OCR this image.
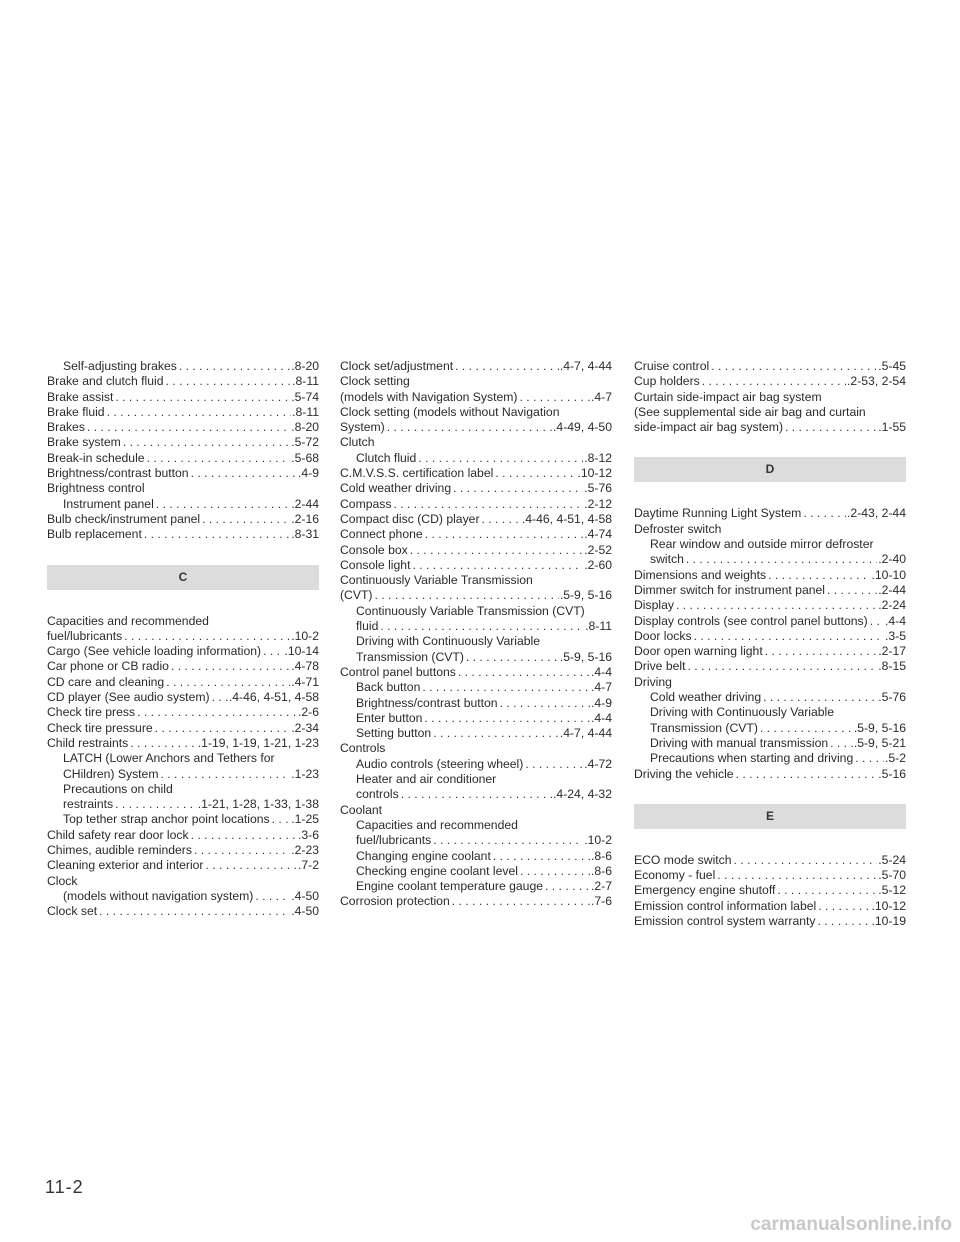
Self-adjusting brakes . . .	.8-20
Brake and clutch fluid . . .	.8-11
Brake assist . . .	.5-74
Brake fluid . . .	.8-11
Brakes . . .	.8-20
Brake system . . .	.5-72
Break-in schedule . . .	.5-68
Brightness/contrast button . . .	.4-9
Brightness control
Instrument panel . . .	.2-44
Bulb check/instrument panel . . .	.2-16
Bulb replacement . . .	.8-31
C
Capacities and recommended
fuel/lubricants . . .	.10-2
Cargo (See vehicle loading information) . . . .10-14
Car phone or CB radio . . .	.4-78
CD care and cleaning . . .	.4-71
CD player (See audio system) . . . .4-46, 4-51, 4-58
Check tire press . . .	.2-6
Check tire pressure . . .	.2-34
Child restraints . . .	.1-19, 1-19, 1-21, 1-23
LATCH (Lower Anchors and Tethers for
CHildren) System . . .	.1-23
Precautions on child
restraints . . .	.1-21, 1-28, 1-33, 1-38
Top tether strap anchor point locations . . . .1-25
Child safety rear door lock . . .	.3-6
Chimes, audible reminders . . .	.2-23
Cleaning exterior and interior . . .	.7-2
Clock
(models without navigation system) . . .	.4-50
Clock set . . .	.4-50
Clock set/adjustment . . .	.4-7, 4-44
Clock setting
(models with Navigation System) . . .	.4-7
Clock setting (models without Navigation
System) . . .	.4-49, 4-50
Clutch
Clutch fluid . . .	.8-12
C.M.V.S.S. certification label . . .	.10-12
Cold weather driving . . .	.5-76
Compass . . .	.2-12
Compact disc (CD) player . . .	.4-46, 4-51, 4-58
Connect phone . . .	.4-74
Console box . . .	.2-52
Console light . . .	.2-60
Continuously Variable Transmission
(CVT) . . .	.5-9, 5-16
Continuously Variable Transmission (CVT)
fluid . . .	.8-11
Driving with Continuously Variable
Transmission (CVT) . . .	.5-9, 5-16
Control panel buttons . . .	.4-4
Back button . . .	.4-7
Brightness/contrast button . . .	.4-9
Enter button . . .	.4-4
Setting button . . .	.4-7, 4-44
Controls
Audio controls (steering wheel) . . .	.4-72
Heater and air conditioner
controls . . .	.4-24, 4-32
Coolant
Capacities and recommended
fuel/lubricants . . .	.10-2
Changing engine coolant . . .	.8-6
Checking engine coolant level . . .	.8-6
Engine coolant temperature gauge . . .	.2-7
Corrosion protection . . .	.7-6
Cruise control . . .	.5-45
Cup holders . . .	.2-53, 2-54
Curtain side-impact air bag system
(See supplemental side air bag and curtain
side-impact air bag system) . . .	.1-55
D
Daytime Running Light System . . .	.2-43, 2-44
Defroster switch
Rear window and outside mirror defroster
switch . . .	.2-40
Dimensions and weights . . .	.10-10
Dimmer switch for instrument panel . . .	.2-44
Display . . .	.2-24
Display controls (see control panel buttons) . . . .4-4
Door locks . . .	.3-5
Door open warning light . . .	.2-17
Drive belt . . .	.8-15
Driving
Cold weather driving . . .	.5-76
Driving with Continuously Variable
Transmission (CVT) . . .	.5-9, 5-16
Driving with manual transmission . . . .5-9, 5-21
Precautions when starting and driving . . .	.5-2
Driving the vehicle . . .	.5-16
E
ECO mode switch . . .	.5-24
Economy - fuel . . .	.5-70
Emergency engine shutoff . . .	.5-12
Emission control information label . . .	.10-12
Emission control system warranty . . .	.10-19
11-2
carmanualsonline.info
